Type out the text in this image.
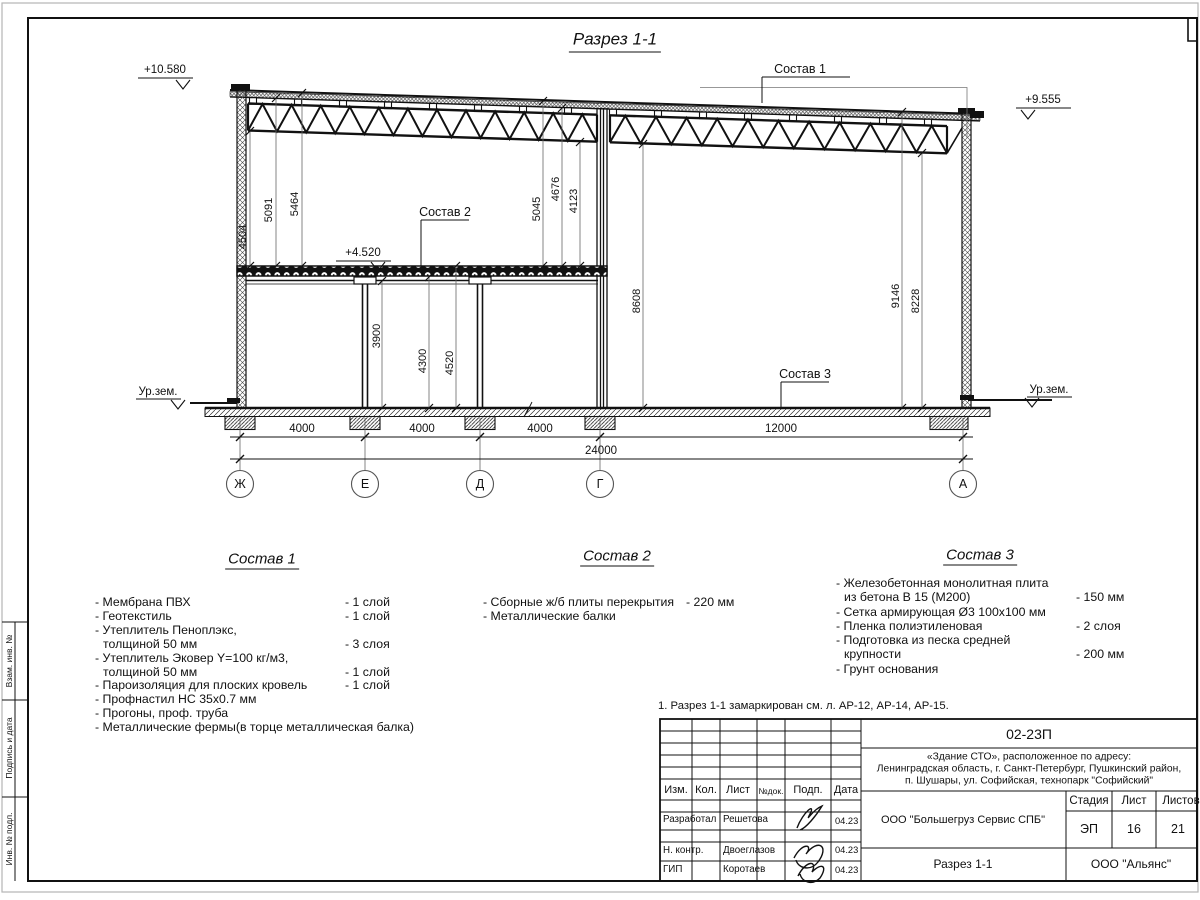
Разрез 1-1
+10.580
+9.555
+4.520
Ур.зем.	Ур.зем.
Состав 1
Состав 2
Состав 3
4504
5091 5464	5045
4676 4123
3900
4300 4520
8608	9146 8228
4000	4000	4000	12000
24000
Ж	Е	Д	Г	А
Состав 1
- Мембрана ПВХ	- 1 слой
- Геотекстиль	- 1 слой
- Утеплитель Пеноплэкс,
толщиной 50 мм	- 3 слоя
- Утеплитель Эковер Y=100 кг/м3,
толщиной 50 мм	- 1 слой
- Пароизоляция для плоских кровель	- 1 слой
- Профнастил НС 35х0.7 мм
- Прогоны, проф. труба
- Металлические фермы(в торце металлическая балка)
Состав 2
- Сборные ж/б плиты перекрытия - 220 мм
- Металлические балки
Состав 3
- Железобетонная монолитная плита
из бетона В 15 (М200)	- 150 мм
- Сетка армирующая Ø3 100х100 мм
- Пленка полиэтиленовая	- 2 слоя
- Подготовка из песка средней
крупности	- 200 мм
- Грунт основания
1. Разрез 1-1 замаркирован см. л. АР-12, АР-14, АР-15.
02-23П
«Здание СТО», расположенное по адресу:
Ленинградская область, г. Санкт-Петербург, Пушкинский район,
п. Шушары, ул. Софийская, технопарк "Софийский"
Изм. Кол. Лист №док. Подп. Дата
Разработал Решетова	04.23
Н. контр. Двоеглазов	04.23
ГИП	Коротаев	04.23
ООО "Большегруз Сервис СПБ"
Стадия Лист Листов
ЭП 16 21
Разрез 1-1	ООО "Альянс"
Взам. инв. №
Подпись и дата
Инв. № подл.
